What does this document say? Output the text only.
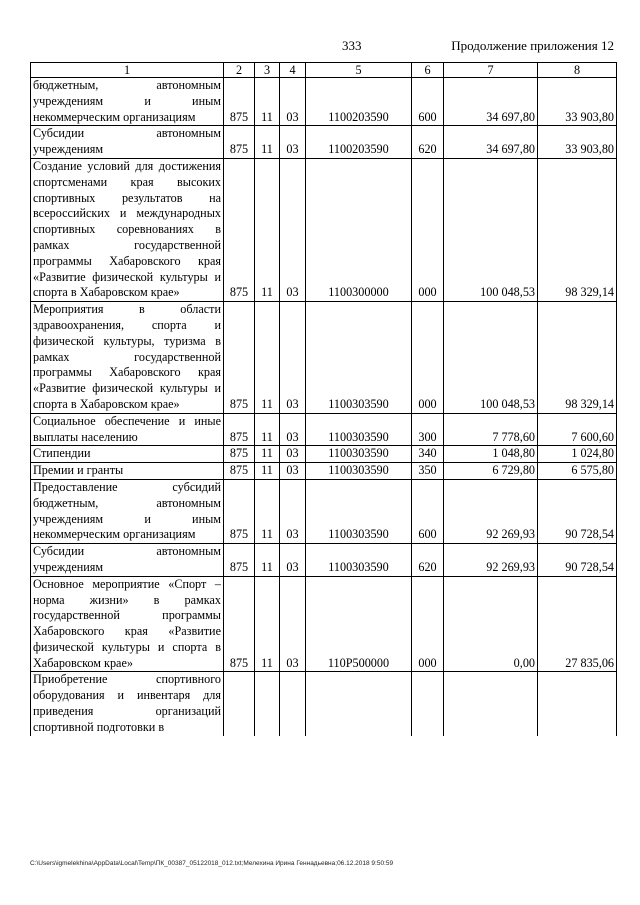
333	Продолжение приложения 12
1	2	3	4	5	6	7	8
бюджетным, автономным учреждениям и иным некоммерческим организациям	875	11	03	1100203590	600	34 697,80	33 903,80
Субсидии автономным учреждениям	875	11	03	1100203590	620	34 697,80	33 903,80
Создание условий для достижения спортсменами края высоких спортивных результатов на всероссийских и международных спортивных соревнованиях в рамках государственной программы Хабаровского края «Развитие физической культуры и спорта в Хабаровском крае»	875	11	03	1100300000	000	100 048,53	98 329,14
Мероприятия в области здравоохранения, спорта и физической культуры, туризма в рамках государственной программы Хабаровского края «Развитие физической культуры и спорта в Хабаровском крае»	875	11	03	1100303590	000	100 048,53	98 329,14
Социальное обеспечение и иные выплаты населению	875	11	03	1100303590	300	7 778,60	7 600,60
Стипендии	875	11	03	1100303590	340	1 048,80	1 024,80
Премии и гранты	875	11	03	1100303590	350	6 729,80	6 575,80
Предоставление субсидий бюджетным, автономным учреждениям и иным некоммерческим организациям	875	11	03	1100303590	600	92 269,93	90 728,54
Субсидии автономным учреждениям	875	11	03	1100303590	620	92 269,93	90 728,54
Основное мероприятие «Спорт – норма жизни» в рамках государственной программы Хабаровского края «Развитие физической культуры и спорта в Хабаровском крае»	875	11	03	110P500000	000	0,00	27 835,06
Приобретение спортивного оборудования и инвентаря для приведения организаций спортивной подготовки в							
C:\Users\igmelekhina\AppData\Local\Temp\ПК_00387_05122018_012.txt;Мелехина Ирина Геннадьевна;06.12.2018 9:50:59
